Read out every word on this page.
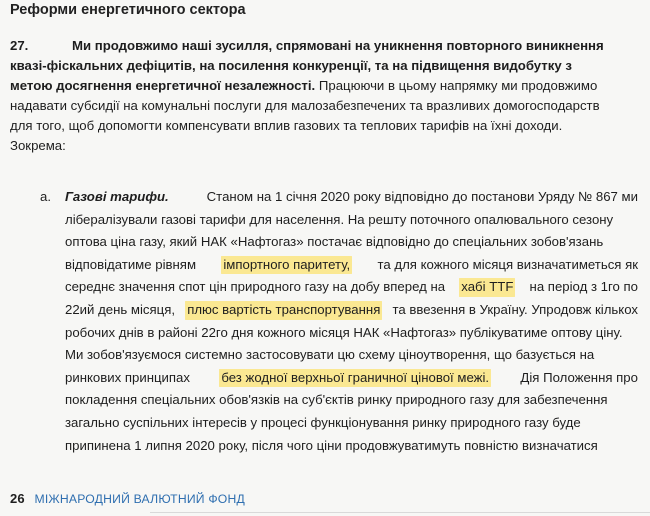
Реформи енергетичного сектора
27.	Ми продовжимо наші зусилля, спрямовані на уникнення повторного виникнення
квазі-фіскальних дефіцитів, на посилення конкуренції, та на підвищення видобутку з
метою досягнення енергетичної незалежності. Працюючи в цьому напрямку ми продовжимо
надавати субсидії на комунальні послуги для малозабезпечених та вразливих домогосподарств
для того, щоб допомогти компенсувати вплив газових та теплових тарифів на їхні доходи.
Зокрема:
a. Газові тарифи.	Станом на 1 січня 2020 року відповідно до постанови Уряду № 867 ми
лібералізували газові тарифи для населення. На решту поточного опалювального сезону
оптова ціна газу, який НАК «Нафтогаз» постачає відповідно до спеціальних зобов'язань
відповідатиме рівням імпортного паритету, та для кожного місяця визначатиметься як
середнє значення спот цін природного газу на добу вперед на хабі TTF на період з 1го по
22ий день місяця, плюс вартість транспортування та ввезення в Україну. Упродовж кількох
робочих днів в районі 22го дня кожного місяця НАК «Нафтогаз» публікуватиме оптову ціну.
Ми зобов'язуємося системно застосовувати цю схему ціноутворення, що базується на
ринкових принципах без жодної верхньої граничної цінової межі. Дія Положення про
покладення спеціальних обов'язків на суб'єктів ринку природного газу для забезпечення
загально суспільних інтересів у процесі функціонування ринку природного газу буде
припинена 1 липня 2020 року, після чого ціни продовжуватимуть повністю визначатися
26 МІЖНАРОДНИЙ ВАЛЮТНИЙ ФОНД
